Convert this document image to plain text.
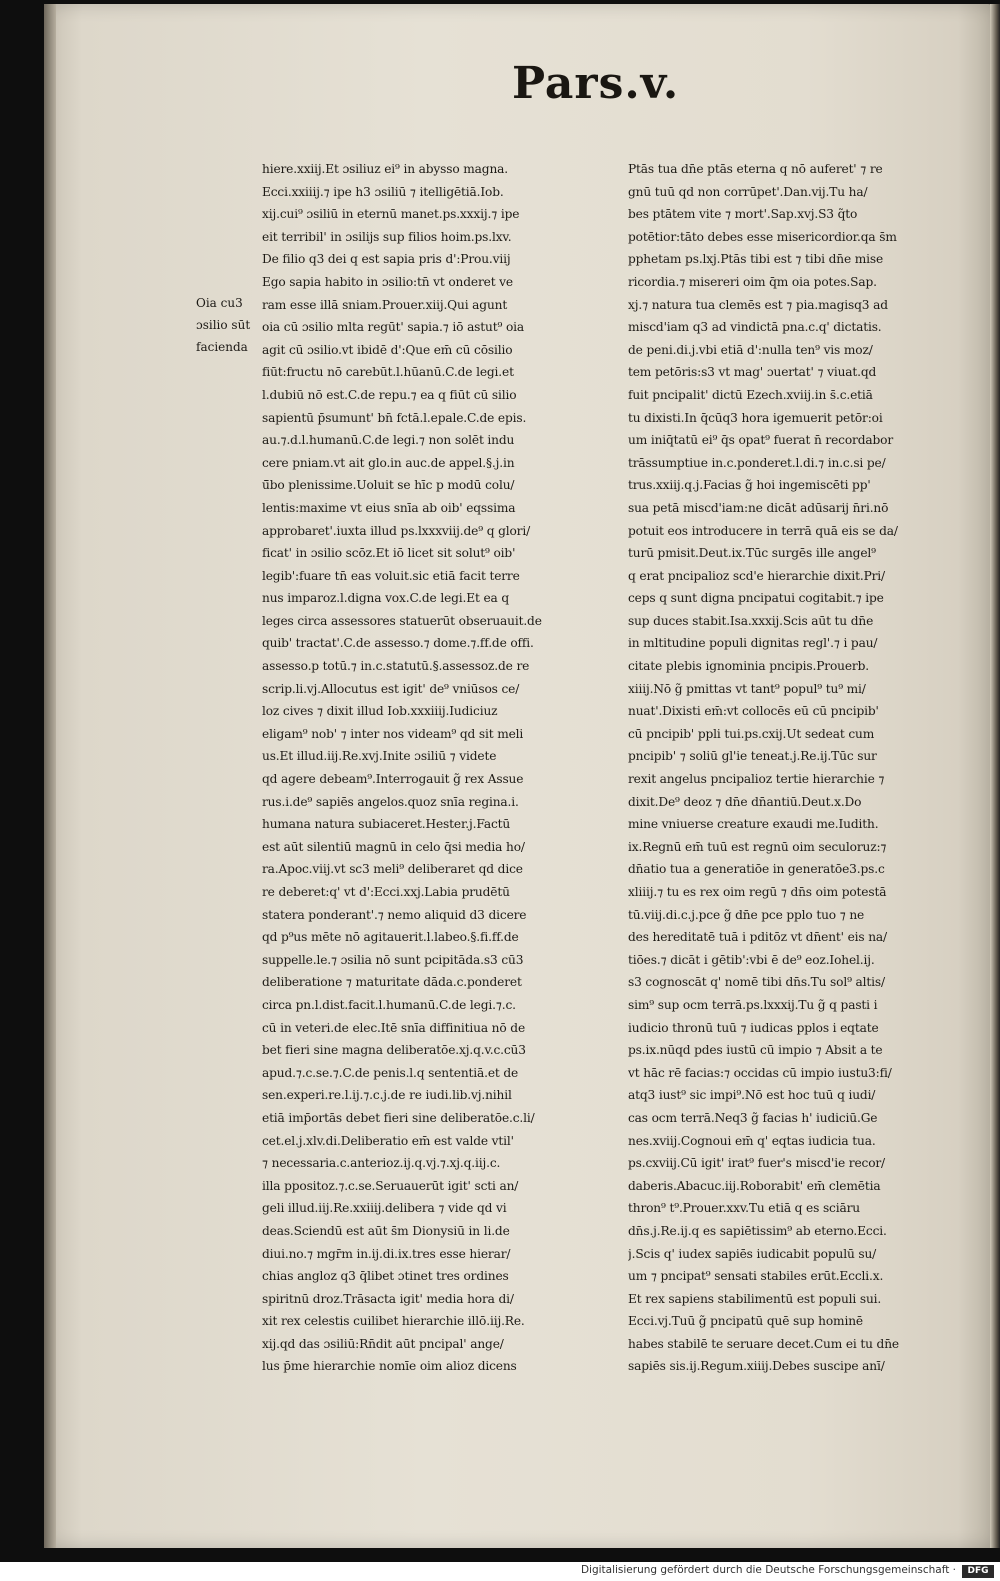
Pars.v.
Oia cu3
ɔsilio sūt
facienda
hiere.xxiij.Et ɔsiliuz ei⁹ in abysso magna.
Ecci.xxiiij.⁊ ipe h3 ɔsiliū ⁊ itelligētiā.Iob.
xij.cui⁹ ɔsiliū in eternū manet.ps.xxxij.⁊ ipe
eit terribil' in ɔsilijs sup filios hoim.ps.lxv.
De filio q3 dei q est sapia pris d':Prou.viij
Ego sapia habito in ɔsilio:tn̄ vt onderet ve
ram esse illā sniam.Prouer.xiij.Qui agunt
oia cū ɔsilio mlta regūt' sapia.⁊ iō astut⁹ oia
agit cū ɔsilio.vt ibidē d':Que em̄ cū cōsilio
fiūt:fructu nō carebūt.l.hūanū.C.de legi.et
l.dubiū nō est.C.de repu.⁊ ea q fiūt cū silio
sapientū p̄sumunt' bn̄ fctā.l.epale.C.de epis.
au.⁊.d.l.humanū.C.de legi.⁊ non solēt indu
cere pniam.vt ait glo.in auc.de appel.§.j.in
ū̄bo plenissime.Uoluit se hīc p modū colu/
lentis:maxime vt eius snīa ab oib' eqssima
approbaret'.iuxta illud ps.lxxxviij.de⁹ q glori/
ficat' in ɔsilio scōz.Et iō licet sit solut⁹ oib'
legib':fuare tn̄ eas voluit.sic etiā facit terre
nus imparoz.l.digna vox.C.de legi.Et ea q
leges circa assessores statuerūt obseruauit.de
quib' tractat'.C.de assesso.⁊ dome.⁊.ff.de offi.
assesso.p totū.⁊ in.c.statutū.§.assessoz.de re
scrip.li.vj.Allocutus est igit' de⁹ vniūsos ce/
loz cives ⁊ dixit illud Iob.xxxiiij.Iudiciuz
eligam⁹ nob' ⁊ inter nos videam⁹ qd sit meli
us.Et illud.iij.Re.xvj.Inite ɔsiliū ⁊ videte
qd agere debeam⁹.Interrogauit g̃ rex Assue
rus.i.de⁹ sapiēs angelos.quoz snīa regina.i.
humana natura subiaceret.Hester.j.Factū
est aūt silentiū magnū in celo q̄si media ho/
ra.Apoc.viij.vt sc3 meli⁹ deliberaret qd dice
re deberet:q' vt d':Ecci.xxj.Labia prudētū
statera ponderant'.⁊ nemo aliquid d3 dicere
qd p⁹us mēte nō agitauerit.l.labeo.§.fi.ff.de
suppelle.le.⁊ ɔsilia nō sunt pcipitāda.s3 cū3
deliberatione ⁊ maturitate dāda.c.ponderet
circa pn.l.dist.facit.l.humanū.C.de legi.⁊.c.
cū in veteri.de elec.Itē snīa diffinitiua nō de
bet fieri sine magna deliberatōe.xj.q.v.c.cū3
apud.⁊.c.se.⁊.C.de penis.l.q sententiā.et de
sen.experi.re.l.ij.⁊.c.j.de re iudi.lib.vj.nihil
etiā imp̄ortās debet fieri sine deliberatōe.c.li/
cet.el.j.xlv.di.Deliberatio em̄ est valde vtil'
⁊ necessaria.c.anterioz.ij.q.vj.⁊.xj.q.iij.c.
illa ppositoz.⁊.c.se.Seruauerūt igit' scti an/
geli illud.iij.Re.xxiiij.delibera ⁊ vide qd vi
deas.Sciendū est aūt s̄m Dionysiū in li.de
diui.no.⁊ mgr̄m in.ij.di.ix.tres esse hierar/
chias angloz q3 q̄libet ɔtinet tres ordines
spiritnū droz.Trāsacta igit' media hora di/
xit rex celestis cuilibet hierarchie illō.iij.Re.
xij.qd das ɔsiliū:Rn̄dit aūt pncipal' ange/
lus p̄me hierarchie nomīe oim alioz dicens
Ptās tua dn̄e ptās eterna q nō auferet' ⁊ re
gnū tuū qd non corrūpet'.Dan.vij.Tu ha/
bes ptātem vite ⁊ mort'.Sap.xvj.S3 q̃to
potētior:tāto debes esse misericordior.qa s̄m
pphetam ps.lxj.Ptās tibi est ⁊ tibi dn̄e mise
ricordia.⁊ misereri oim q̄m oia potes.Sap.
xj.⁊ natura tua clemēs est ⁊ pia.magisq3 ad
miscd'iam q3 ad vindictā pna.c.q' dictatis.
de peni.di.j.vbi etiā d':nulla ten⁹ vis moz/
tem petōris:s3 vt mag' ɔuertat' ⁊ viuat.qd
fuit pncipalit' dictū Ezech.xviij.in s̄.c.etiā
tu dixisti.In q̄cūq3 hora igemuerit petōr:oi
um iniq̄tatū ei⁹ q̄s opat⁹ fuerat n̄ recordabor
trāssumptiue in.c.ponderet.l.di.⁊ in.c.si pe/
trus.xxiij.q.j.Facias g̃ hoi ingemiscēti pp'
sua petā miscd'iam:ne dicāt adūsarij n̄ri.nō
potuit eos introducere in terrā quā eis se da/
turū pmisit.Deut.ix.Tūc surgēs ille angel⁹
q erat pncipalioz scd'e hierarchie dixit.Pri/
ceps q sunt digna pncipatui cogitabit.⁊ ipe
sup duces stabit.Isa.xxxij.Scis aūt tu dn̄e
in mltitudine populi dignitas regl'.⁊ i pau/
citate plebis ignominia pncipis.Prouerb.
xiiij.Nō g̃ pmittas vt tant⁹ popul⁹ tu⁹ mi/
nuat'.Dixisti em̄:vt collocēs eū cū pncipib'
cū pncipib' ppli tui.ps.cxij.Ut sedeat cum
pncipib' ⁊ soliū gl'ie teneat.j.Re.ij.Tūc sur
rexit angelus pncipalioz tertie hierarchie ⁊
dixit.De⁹ deoz ⁊ dn̄e dn̄antiū.Deut.x.Do
mine vniuerse creature exaudi me.Iudith.
ix.Regnū em̄ tuū est regnū oim seculoruz:⁊
dn̄atio tua a generatiōe in generatōe3.ps.c
xliiij.⁊ tu es rex oim regū ⁊ dn̄s oim potestā
tū.viij.di.c.j.pce g̃ dn̄e pce pplo tuo ⁊ ne
des hereditatē tuā i pditōz vt dn̄ent' eis na/
tiōes.⁊ dicāt i gētib':vbi ē de⁹ eoz.Iohel.ij.
s3 cognoscāt q' nomē tibi dn̄s.Tu sol⁹ altis/
sim⁹ sup ocm terrā.ps.lxxxij.Tu g̃ q pasti i
iudicio thronū tuū ⁊ iudicas pplos i eqtate
ps.ix.nūqd pdes iustū cū impio ⁊ Absit a te
vt hāc rē facias:⁊ occidas cū impio iustu3:fi/
atq3 iust⁹ sic impi⁹.Nō est hoc tuū q iudi/
cas ocm terrā.Neq3 g̃ facias h' iudiciū.Ge
nes.xviij.Cognoui em̄ q' eqtas iudicia tua.
ps.cxviij.Cū igit' irat⁹ fuer's miscd'ie recor/
daberis.Abacuc.iij.Roborabit' em̄ clemētia
thron⁹ t⁹.Prouer.xxv.Tu etiā q es sciāru
dn̄s.j.Re.ij.q es sapiētissim⁹ ab eterno.Ecci.
j.Scis q' iudex sapiēs iudicabit populū su/
um ⁊ pncipat⁹ sensati stabiles erūt.Eccli.x.
Et rex sapiens stabilimentū est populi sui.
Ecci.vj.Tuū g̃ pncipatū quē sup hominē
habes stabilē te seruare decet.Cum ei tu dn̄e
sapiēs sis.ij.Regum.xiiij.Debes suscipe anī/
Digitalisierung gefördert durch die Deutsche Forschungsgemeinschaft ·	DFG
